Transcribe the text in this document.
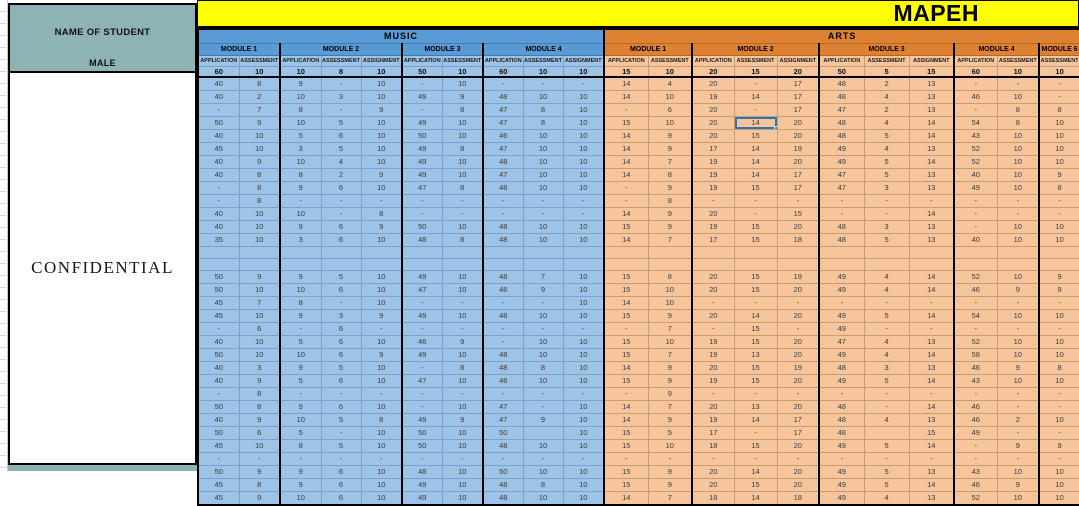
NAME OF STUDENT
MALE
CONFIDENTIAL
MAPEH
MUSIC										ARTS										
MODULE 1		MODULE 2			MODULE 3		MODULE 4			MODULE 1		MODULE 2			MODULE 3			MODULE 4		MODULE 6
APPLICATION	ASSESSMENT	APPLICATION	ASSESSMENT	ASSIGNMENT	APPLICATION	ASSESSMENT	APPLICATION	ASSESSMENT	ASSIGNMENT	APPLICATION	ASSESSMENT	APPLICATION	ASSESSMENT	ASSIGNMENT	APPLICATION	ASSESSMENT	ASSIGNMENT	APPLICATION	ASSESSMENT	ASSESSMENT
60	10	10	8	10	50	10	60	10	10	15	10	20	15	20	50	5	15	60	10	10
40	8	9	-	10	-	10	-	-	-	14	4	20	-	17	48	2	13	-	-	-
40	2	10	3	10	49	9	48	10	10	14	10	19	14	17	48	4	13	46	10	-
-	7	8	-	9	-	8	47	8	10	-	6	20	-	17	47	2	13	-	8	8
50	9	10	5	10	49	10	47	8	10	15	10	20	14	20	48	4	14	54	8	10
40	10	5	6	10	50	10	46	10	10	14	9	20	15	20	48	5	14	43	10	10
45	10	3	5	10	49	8	47	10	10	14	9	17	14	19	49	4	13	52	10	10
40	9	10	4	10	49	10	48	10	10	14	7	19	14	20	49	5	14	52	10	10
40	8	8	2	9	49	10	47	10	10	14	8	19	14	17	47	5	13	40	10	9
-	8	9	6	10	47	8	48	10	10	-	9	19	15	17	47	3	13	49	10	8
-	8	-	-	-	-	-	-	-	-	-	8	-	-	-	-	-	-	-	-	-
40	10	10	-	8	-	-	-	-	-	14	9	20	-	15	-	-	14	-	-	-
40	10	9	6	9	50	10	48	10	10	15	9	19	15	20	48	3	13	-	10	10
35	10	3	6	10	48	8	48	10	10	14	7	17	15	18	48	5	13	40	10	10

50	9	9	5	10	49	10	48	7	10	15	8	20	15	19	49	4	14	52	10	9
50	10	10	6	10	47	10	46	9	10	15	10	20	15	20	49	4	14	46	9	9
45	7	8	-	10	-	-	-	-	10	14	10	-	-	-	-	-	-	-	-	-
45	10	9	3	9	49	10	48	10	10	15	9	20	14	20	49	5	14	54	10	10
-	6	-	6	-	-	-	-	-	-	-	7	-	15	-	49	-	-	-	-	-
40	10	5	6	10	46	9	-	10	10	15	10	19	15	20	47	4	13	52	10	10
50	10	10	6	9	49	10	48	10	10	15	7	19	13	20	49	4	14	58	10	10
40	3	9	5	10	-	8	48	8	10	14	9	20	15	19	48	3	13	46	9	8
40	9	5	6	10	47	10	46	10	10	15	9	19	15	20	49	5	14	43	10	10
-	8	-	-	-	-	-	-	-	-	-	9	-	-	-	-	-	-	-	-	-
50	8	9	6	10	-	10	47	-	10	14	7	20	13	20	48	-	14	46	-	-
40	9	10	5	8	49	9	47	9	10	14	9	19	14	17	48	4	13	46	2	10
50	6	5	-	10	50	10	50		10	15	5	17	-	17	48		15	49	-	-
45	10	8	5	10	50	10	48	10	10	15	10	18	15	20	49	5	14	-	9	9
-	-	-	-	-	-	-	-	-	-	-	-	-	-	-	-	-	-	-	-	-
50	9	9	6	10	48	10	50	10	10	15	9	20	14	20	49	5	13	43	10	10
45	8	9	6	10	49	10	48	8	10	15	9	20	15	20	49	5	14	46	9	10
45	9	10	6	10	49	10	48	10	10	14	7	18	14	18	49	4	13	52	10	10
